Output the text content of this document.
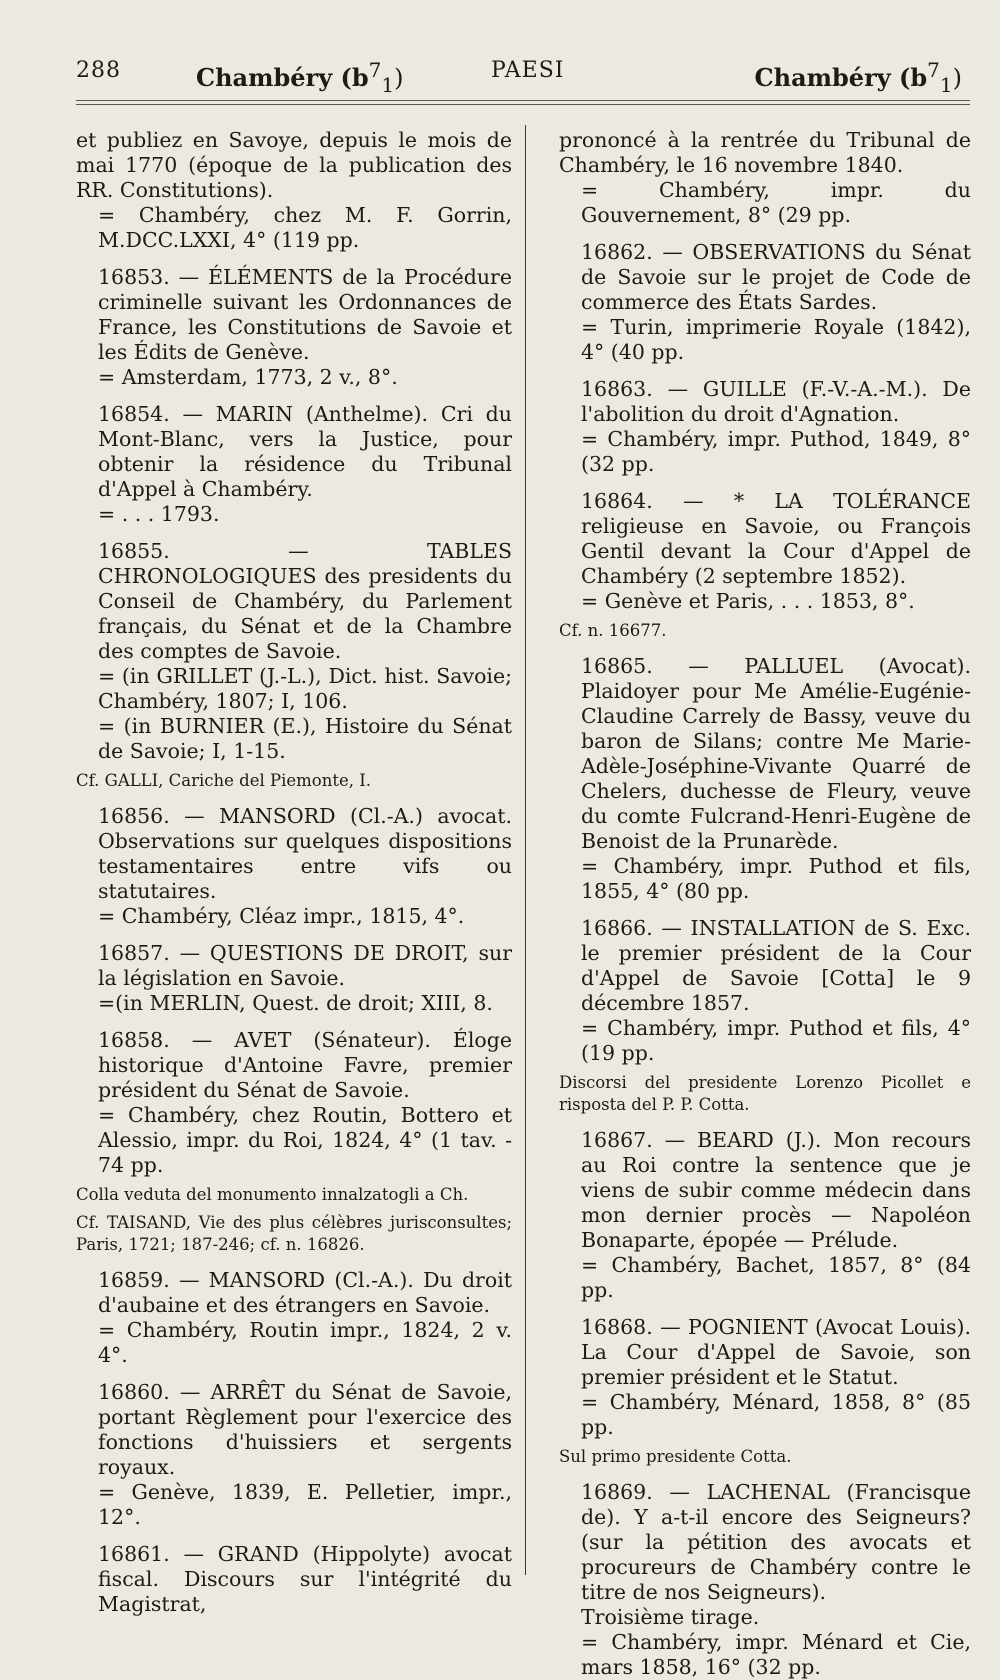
288	Chambéry $(b^7_1)$	PAESI	Chambéry $(b^7_1)$

et publiez en Savoye, depuis le mois de mai 1770 (époque de la publication des RR. Constitutions).

= Chambéry, chez M. F. Gorrin, M.DCC.LXXI, 4° (119 pp.

16853. — ÉLÉMENTS de la Procédure criminelle suivant les Ordonnances de France, les Constitutions de Savoie et les Édits de Genève.

= Amsterdam, 1773, 2 v., 8°.

16854. — MARIN (Anthelme). Cri du Mont-Blanc, vers la Justice, pour obtenir la résidence du Tribunal d'Appel à Chambéry.

= . . . 1793.

16855. — TABLES CHRONOLOGIQUES des presidents du Conseil de Chambéry, du Parlement français, du Sénat et de la Chambre des comptes de Savoie.

= (in GRILLET (J.-L.), Dict. hist. Savoie; Chambéry, 1807; I, 106.

= (in BURNIER (E.), Histoire du Sénat de Savoie; I, 1-15.

Cf. GALLI, Cariche del Piemonte, I.

16856. — MANSORD (Cl.-A.) avocat. Observations sur quelques dispositions testamentaires entre vifs ou statutaires.

= Chambéry, Cléaz impr., 1815, 4°.

16857. — QUESTIONS DE DROIT, sur la législation en Savoie.

=(in MERLIN, Quest. de droit; XIII, 8.

16858. — AVET (Sénateur). Éloge historique d'Antoine Favre, premier président du Sénat de Savoie.

= Chambéry, chez Routin, Bottero et Alessio, impr. du Roi, 1824, 4° (1 tav. - 74 pp.

Colla veduta del monumento innalzatogli a Ch.

Cf. TAISAND, Vie des plus célèbres jurisconsultes; Paris, 1721; 187-246; cf. n. 16826.

16859. — MANSORD (Cl.-A.). Du droit d'aubaine et des étrangers en Savoie.

= Chambéry, Routin impr., 1824, 2 v. 4°.

16860. — ARRÊT du Sénat de Savoie, portant Règlement pour l'exercice des fonctions d'huissiers et sergents royaux.

= Genève, 1839, E. Pelletier, impr., 12°.

16861. — GRAND (Hippolyte) avocat fiscal. Discours sur l'intégrité du Magistrat,

prononcé à la rentrée du Tribunal de Chambéry, le 16 novembre 1840.

= Chambéry, impr. du Gouvernement, 8° (29 pp.

16862. — OBSERVATIONS du Sénat de Savoie sur le projet de Code de commerce des États Sardes.

= Turin, imprimerie Royale (1842), 4° (40 pp.

16863. — GUILLE (F.-V.-A.-M.). De l'abolition du droit d'Agnation.

= Chambéry, impr. Puthod, 1849, 8° (32 pp.

16864. — * LA TOLÉRANCE religieuse en Savoie, ou François Gentil devant la Cour d'Appel de Chambéry (2 septembre 1852).

= Genève et Paris, . . . 1853, 8°.

Cf. n. 16677.

16865. — PALLUEL (Avocat). Plaidoyer pour Me Amélie-Eugénie-Claudine Carrely de Bassy, veuve du baron de Silans; contre Me Marie-Adèle-Joséphine-Vivante Quarré de Chelers, duchesse de Fleury, veuve du comte Fulcrand-Henri-Eugène de Benoist de la Prunarède.

= Chambéry, impr. Puthod et fils, 1855, 4° (80 pp.

16866. — INSTALLATION de S. Exc. le premier président de la Cour d'Appel de Savoie [Cotta] le 9 décembre 1857.

= Chambéry, impr. Puthod et fils, 4° (19 pp.

Discorsi del presidente Lorenzo Picollet e risposta del P. P. Cotta.

16867. — BEARD (J.). Mon recours au Roi contre la sentence que je viens de subir comme médecin dans mon dernier procès — Napoléon Bonaparte, épopée — Prélude.

= Chambéry, Bachet, 1857, 8° (84 pp.

16868. — POGNIENT (Avocat Louis). La Cour d'Appel de Savoie, son premier président et le Statut.

= Chambéry, Ménard, 1858, 8° (85 pp.

Sul primo presidente Cotta.

16869. — LACHENAL (Francisque de). Y a-t-il encore des Seigneurs? (sur la pétition des avocats et procureurs de Chambéry contre le titre de nos Seigneurs).

Troisième tirage.

= Chambéry, impr. Ménard et Cie, mars 1858, 16° (32 pp.
